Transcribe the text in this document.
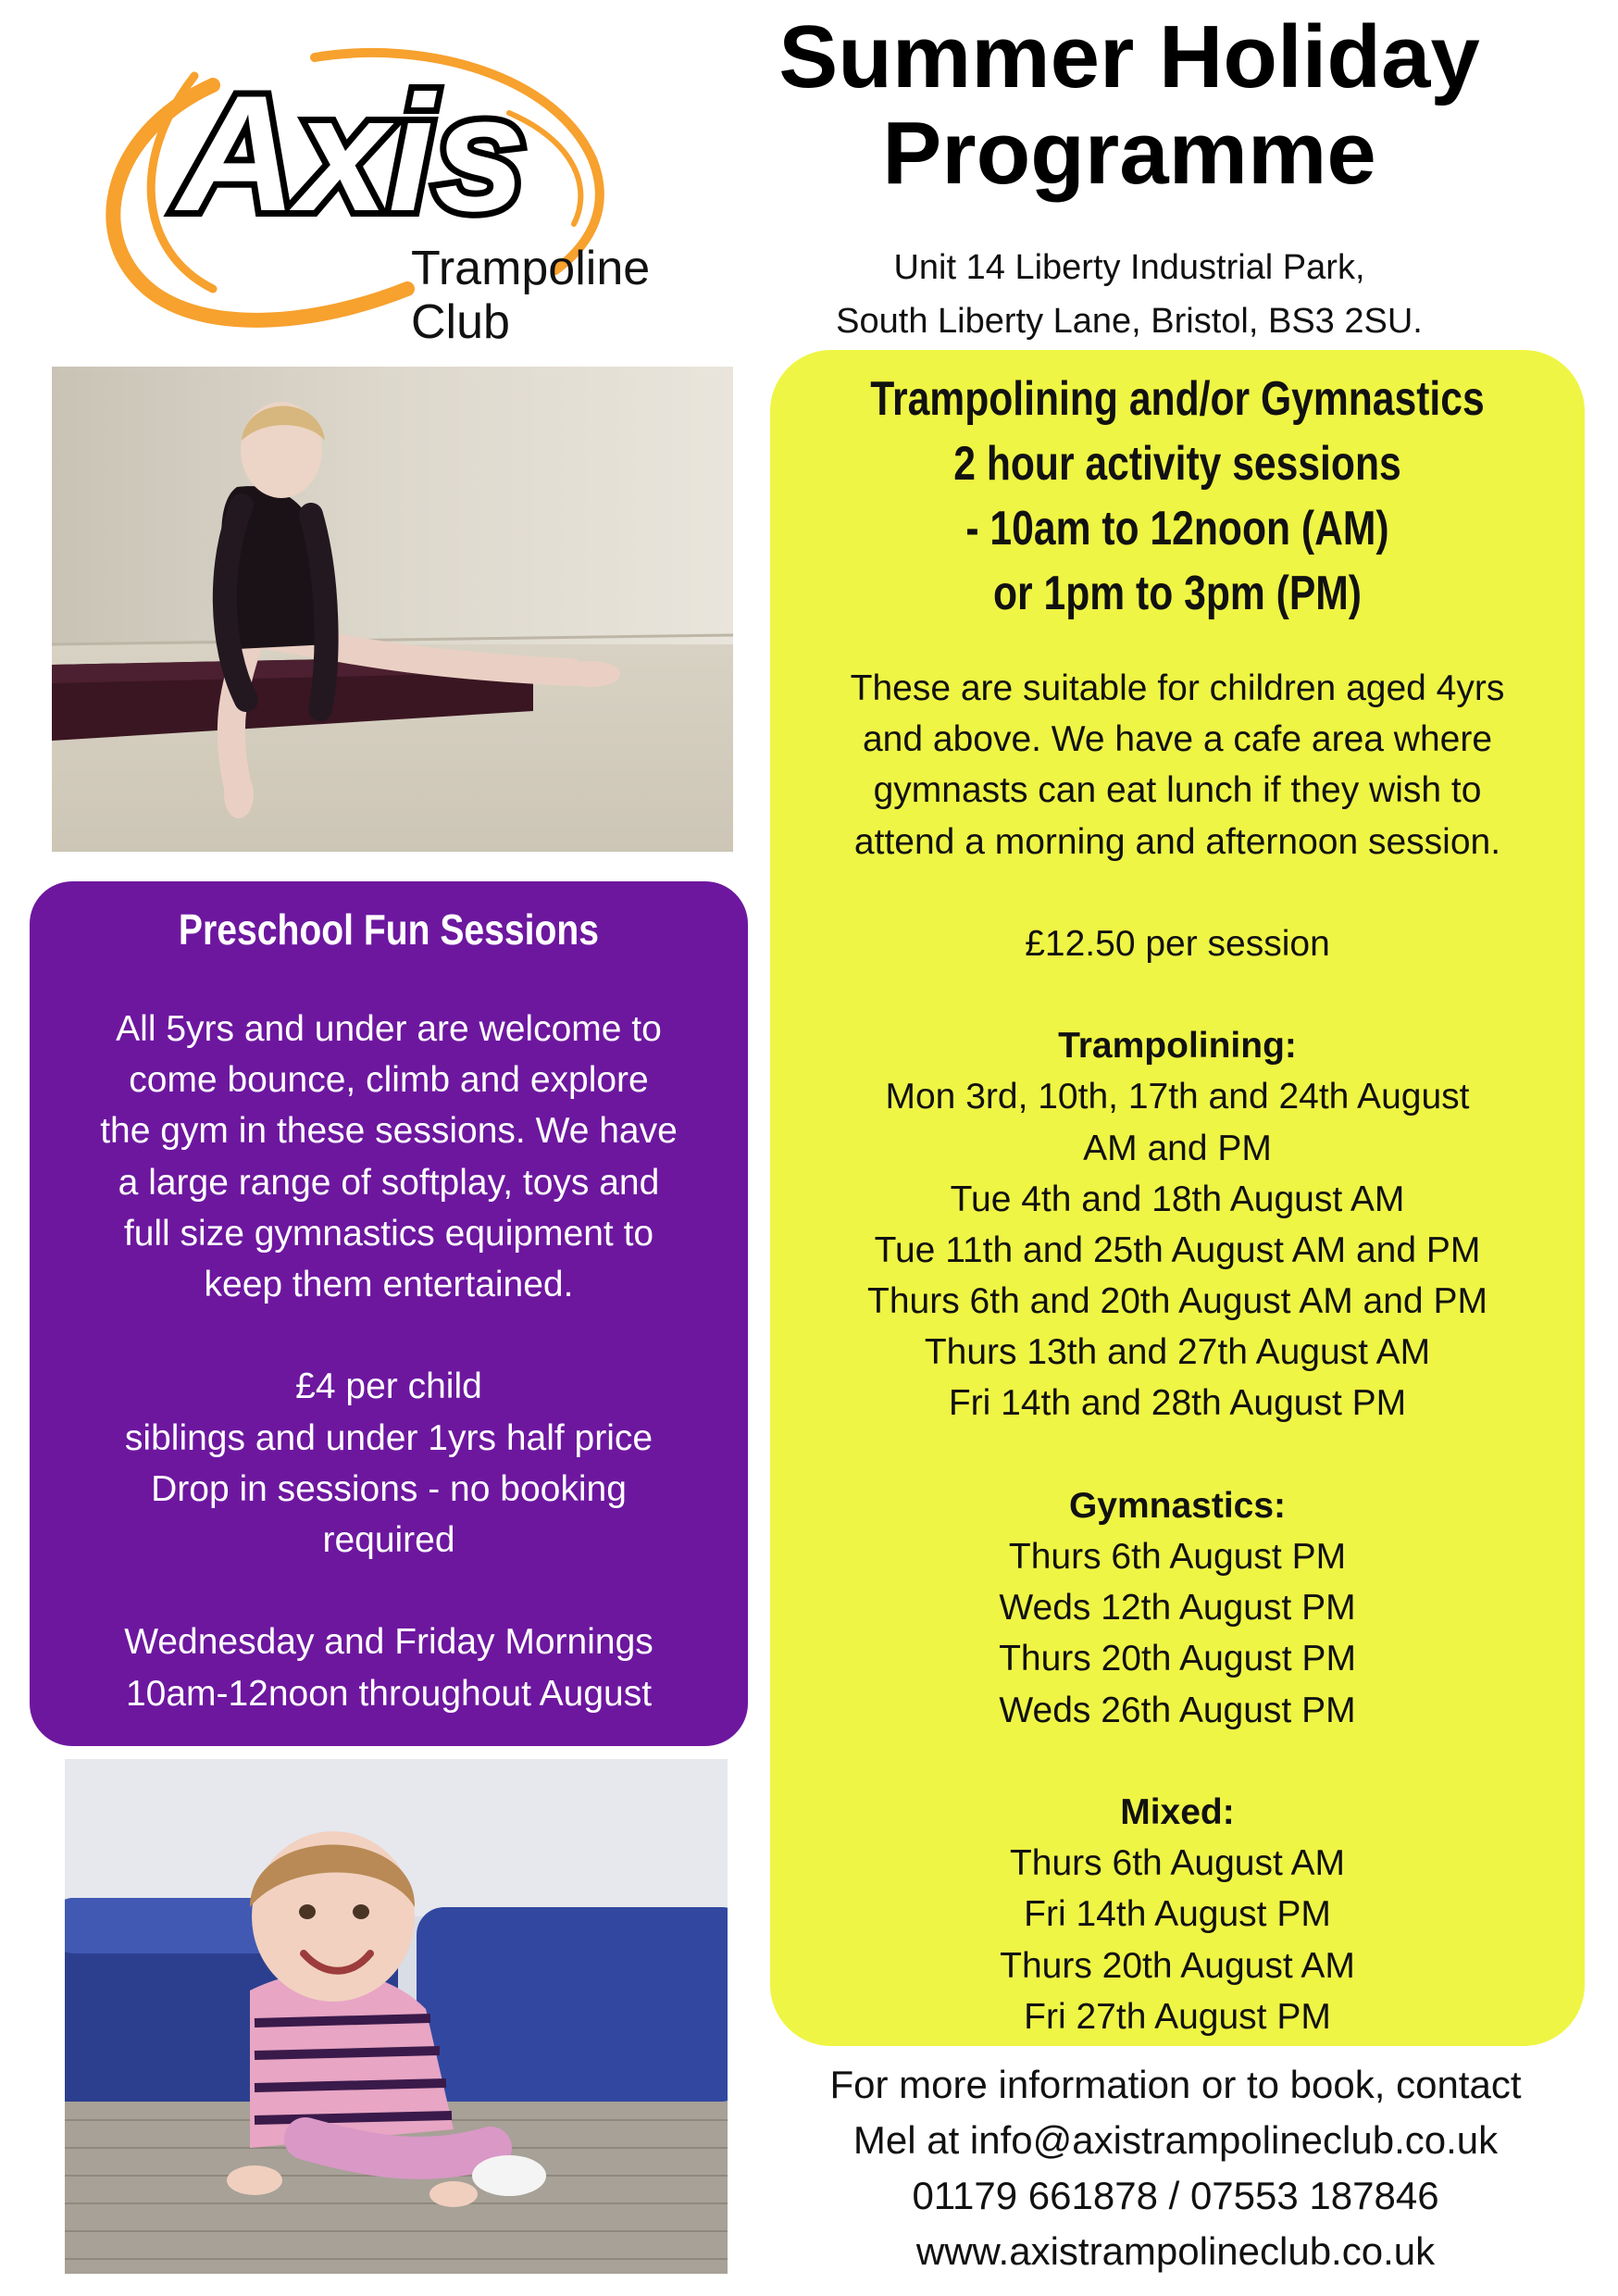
Axis
Trampoline
Club
Summer Holiday
Programme
Unit 14 Liberty Industrial Park,
South Liberty Lane, Bristol, BS3 2SU.
Preschool Fun Sessions
All 5yrs and under are welcome to
come bounce, climb and explore
the gym in these sessions. We have
a large range of softplay, toys and
full size gymnastics equipment to
keep them entertained.

£4 per child
siblings and under 1yrs half price
Drop in sessions - no booking
required

Wednesday and Friday Mornings
10am-12noon throughout August
Trampolining and/or Gymnastics
2 hour activity sessions
- 10am to 12noon (AM)
or 1pm to 3pm (PM)
These are suitable for children aged 4yrs
and above. We have a cafe area where
gymnasts can eat lunch if they wish to
attend a morning and afternoon session.
£12.50 per session
Trampolining:
Mon 3rd, 10th, 17th and 24th August
AM and PM
Tue 4th and 18th August AM
Tue 11th and 25th August AM and PM
Thurs 6th and 20th August AM and PM
Thurs 13th and 27th August AM
Fri 14th and 28th August PM
Gymnastics:
Thurs 6th August PM
Weds 12th August PM
Thurs 20th August PM
Weds 26th August PM
Mixed:
Thurs 6th August AM
Fri 14th August PM
Thurs 20th August AM
Fri 27th August PM
For more information or to book, contact
Mel at info@axistrampolineclub.co.uk
01179 661878 / 07553 187846
www.axistrampolineclub.co.uk
